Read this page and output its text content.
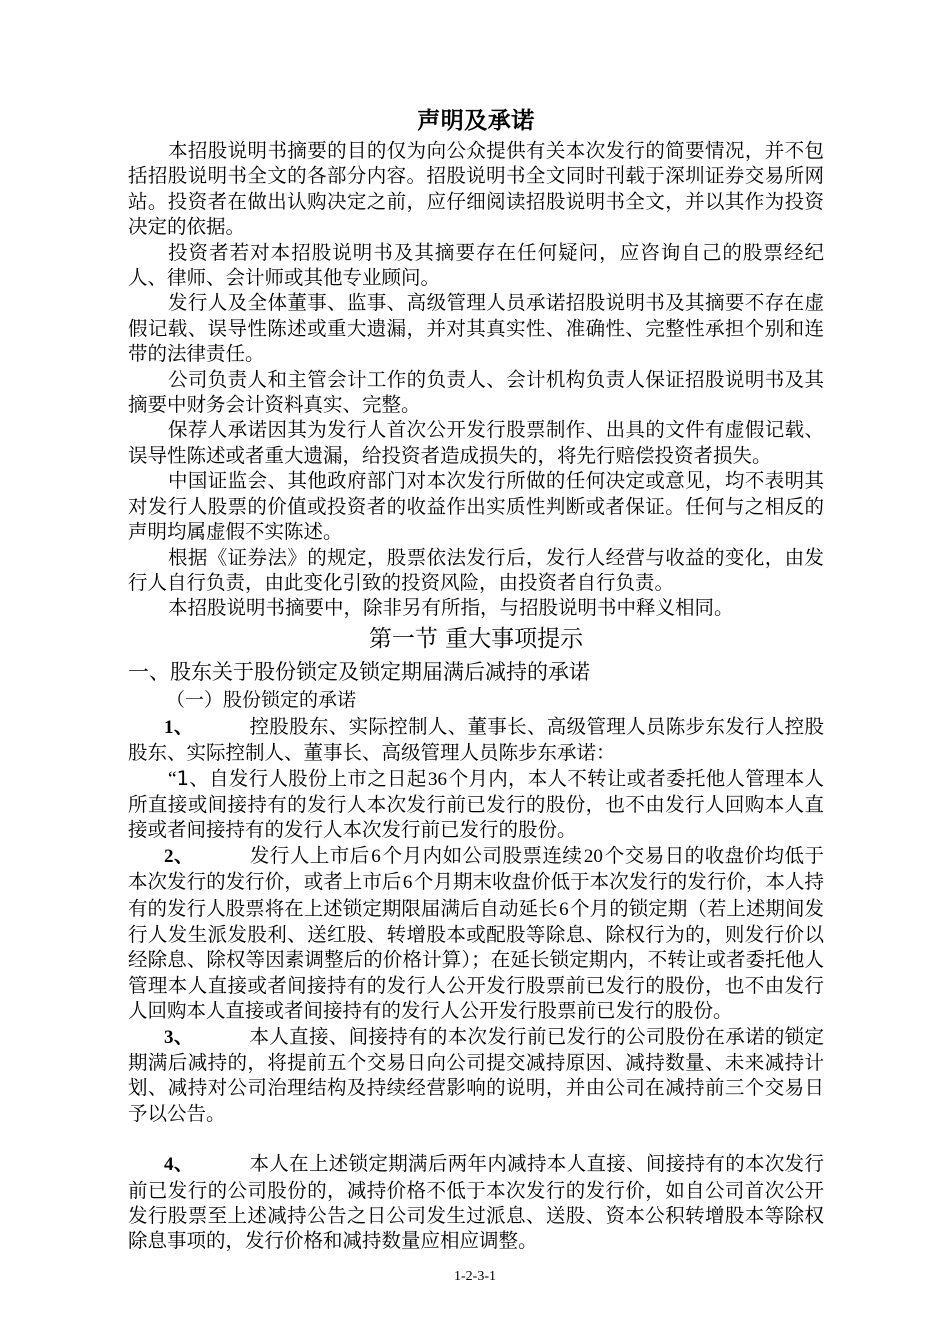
声明及承诺

本招股说明书摘要的目的仅为向公众提供有关本次发行的简要情况，并不包括招股说明书全文的各部分内容。招股说明书全文同时刊载于深圳证券交易所网站。投资者在做出认购决定之前，应仔细阅读招股说明书全文，并以其作为投资决定的依据。

投资者若对本招股说明书及其摘要存在任何疑问，应咨询自己的股票经纪人、律师、会计师或其他专业顾问。

发行人及全体董事、监事、高级管理人员承诺招股说明书及其摘要不存在虚假记载、误导性陈述或重大遗漏，并对其真实性、准确性、完整性承担个别和连带的法律责任。

公司负责人和主管会计工作的负责人、会计机构负责人保证招股说明书及其摘要中财务会计资料真实、完整。

保荐人承诺因其为发行人首次公开发行股票制作、出具的文件有虚假记载、误导性陈述或者重大遗漏，给投资者造成损失的，将先行赔偿投资者损失。

中国证监会、其他政府部门对本次发行所做的任何决定或意见，均不表明其对发行人股票的价值或投资者的收益作出实质性判断或者保证。任何与之相反的声明均属虚假不实陈述。

根据《证券法》的规定，股票依法发行后，发行人经营与收益的变化，由发行人自行负责，由此变化引致的投资风险，由投资者自行负责。

本招股说明书摘要中，除非另有所指，与招股说明书中释义相同。

第一节 重大事项提示
一、股东关于股份锁定及锁定期届满后减持的承诺
（一）股份锁定的承诺

1、	控股股东、实际控制人、董事长、高级管理人员陈步东发行人控股股东、实际控制人、董事长、高级管理人员陈步东承诺：

“1、自发行人股份上市之日起36个月内，本人不转让或者委托他人管理本人所直接或间接持有的发行人本次发行前已发行的股份，也不由发行人回购本人直接或者间接持有的发行人本次发行前已发行的股份。

2、	发行人上市后6个月内如公司股票连续20个交易日的收盘价均低于本次发行的发行价，或者上市后6个月期末收盘价低于本次发行的发行价，本人持有的发行人股票将在上述锁定期限届满后自动延长6个月的锁定期（若上述期间发行人发生派发股利、送红股、转增股本或配股等除息、除权行为的，则发行价以经除息、除权等因素调整后的价格计算）；在延长锁定期内，不转让或者委托他人管理本人直接或者间接持有的发行人公开发行股票前已发行的股份，也不由发行人回购本人直接或者间接持有的发行人公开发行股票前已发行的股份。

3、	本人直接、间接持有的本次发行前已发行的公司股份在承诺的锁定期满后减持的，将提前五个交易日向公司提交减持原因、减持数量、未来减持计划、减持对公司治理结构及持续经营影响的说明，并由公司在减持前三个交易日予以公告。

4、	本人在上述锁定期满后两年内减持本人直接、间接持有的本次发行前已发行的公司股份的，减持价格不低于本次发行的发行价，如自公司首次公开发行股票至上述减持公告之日公司发生过派息、送股、资本公积转增股本等除权除息事项的，发行价格和减持数量应相应调整。

1-2-3-1
